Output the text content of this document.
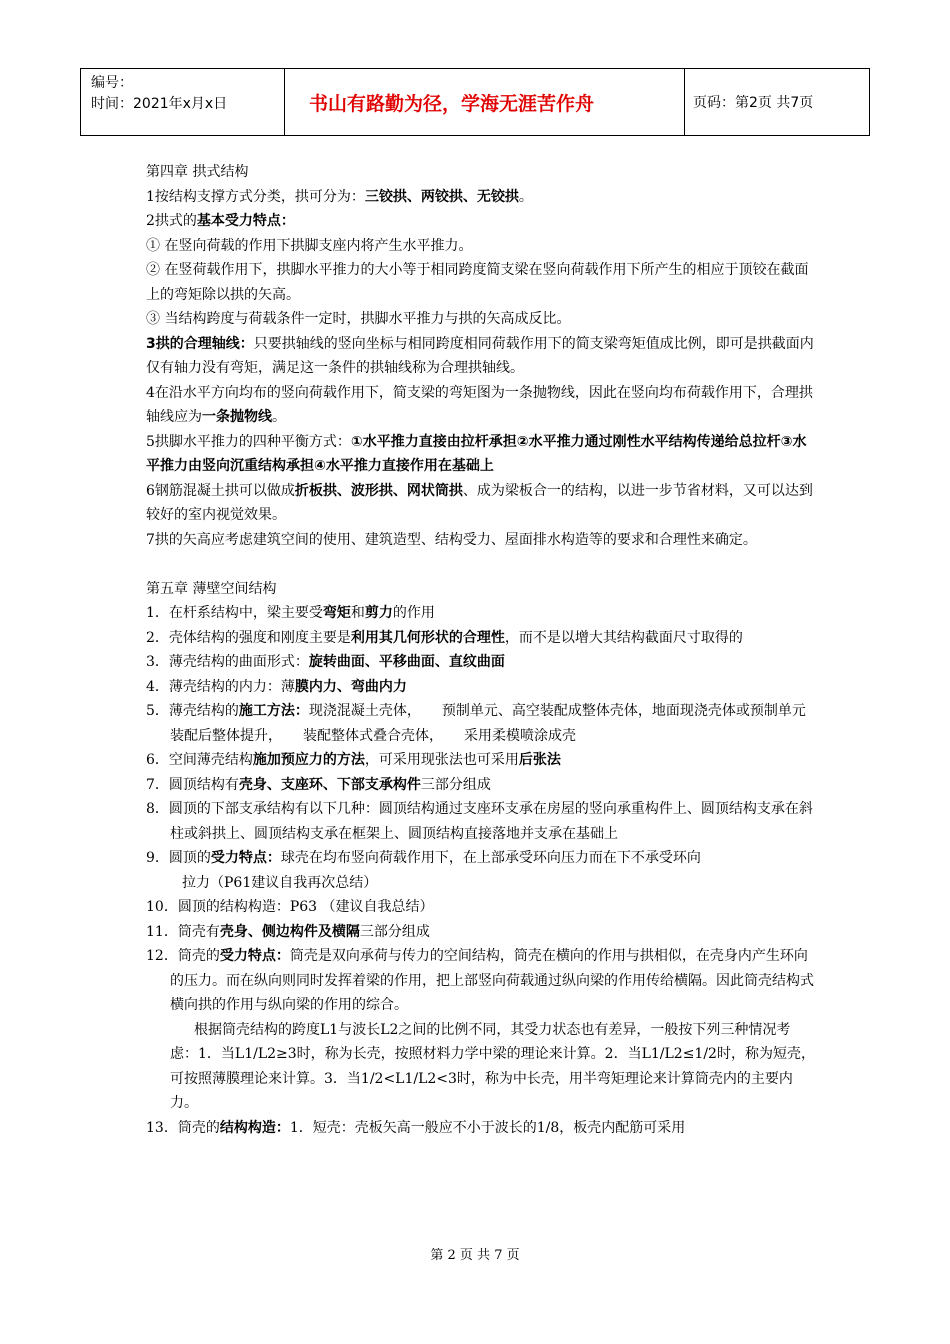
编号：
时间：2021年x月x日	书山有路勤为径，学海无涯苦作舟	页码：第2页 共7页

第四章 拱式结构

1按结构支撑方式分类，拱可分为：三铰拱、两铰拱、无铰拱。

2拱式的基本受力特点：

① 在竖向荷载的作用下拱脚支座内将产生水平推力。

② 在竖荷载作用下，拱脚水平推力的大小等于相同跨度简支梁在竖向荷载作用下所产生的相应于顶铰在截面上的弯矩除以拱的矢高。

③ 当结构跨度与荷载条件一定时，拱脚水平推力与拱的矢高成反比。

3拱的合理轴线：只要拱轴线的竖向坐标与相同跨度相同荷载作用下的简支梁弯矩值成比例，即可是拱截面内仅有轴力没有弯矩，满足这一条件的拱轴线称为合理拱轴线。

4在沿水平方向均布的竖向荷载作用下，简支梁的弯矩图为一条抛物线，因此在竖向均布荷载作用下，合理拱轴线应为一条抛物线。

5拱脚水平推力的四种平衡方式：①水平推力直接由拉杆承担②水平推力通过刚性水平结构传递给总拉杆③水平推力由竖向沉重结构承担④水平推力直接作用在基础上

6钢筋混凝土拱可以做成折板拱、波形拱、网状筒拱、成为梁板合一的结构，以进一步节省材料，又可以达到较好的室内视觉效果。

7拱的矢高应考虑建筑空间的使用、建筑造型、结构受力、屋面排水构造等的要求和合理性来确定。

第五章 薄壁空间结构

1．在杆系结构中，梁主要受弯矩和剪力的作用

2．壳体结构的强度和刚度主要是利用其几何形状的合理性，而不是以增大其结构截面尺寸取得的

3．薄壳结构的曲面形式：旋转曲面、平移曲面、直纹曲面

4．薄壳结构的内力：薄膜内力、弯曲内力

5．薄壳结构的施工方法：现浇混凝土壳体，　　预制单元、高空装配成整体壳体，地面现浇壳体或预制单元装配后整体提升，　　装配整体式叠合壳体，　　采用柔模喷涂成壳

6．空间薄壳结构施加预应力的方法，可采用现张法也可采用后张法

7．圆顶结构有壳身、支座环、下部支承构件三部分组成

8．圆顶的下部支承结构有以下几种：圆顶结构通过支座环支承在房屋的竖向承重构件上、圆顶结构支承在斜柱或斜拱上、圆顶结构支承在框架上、圆顶结构直接落地并支承在基础上

9．圆顶的受力特点：球壳在均布竖向荷载作用下，在上部承受环向压力而在下不承受环向

拉力（P61建议自我再次总结）

10．圆顶的结构构造：P63 （建议自我总结）

11．筒壳有壳身、侧边构件及横隔三部分组成

12．筒壳的受力特点：筒壳是双向承荷与传力的空间结构，筒壳在横向的作用与拱相似，在壳身内产生环向的压力。而在纵向则同时发挥着梁的作用，把上部竖向荷载通过纵向梁的作用传给横隔。因此筒壳结构式横向拱的作用与纵向梁的作用的综合。

根据筒壳结构的跨度L1与波长L2之间的比例不同，其受力状态也有差异，一般按下列三种情况考虑：1．当L1/L2≥3时，称为长壳，按照材料力学中梁的理论来计算。2．当L1/L2≤1/2时，称为短壳，可按照薄膜理论来计算。3．当1/2<L1/L2<3时，称为中长壳，用半弯矩理论来计算筒壳内的主要内力。

13．筒壳的结构构造：1．短壳：壳板矢高一般应不小于波长的1/8，板壳内配筋可采用

第 2 页 共 7 页
